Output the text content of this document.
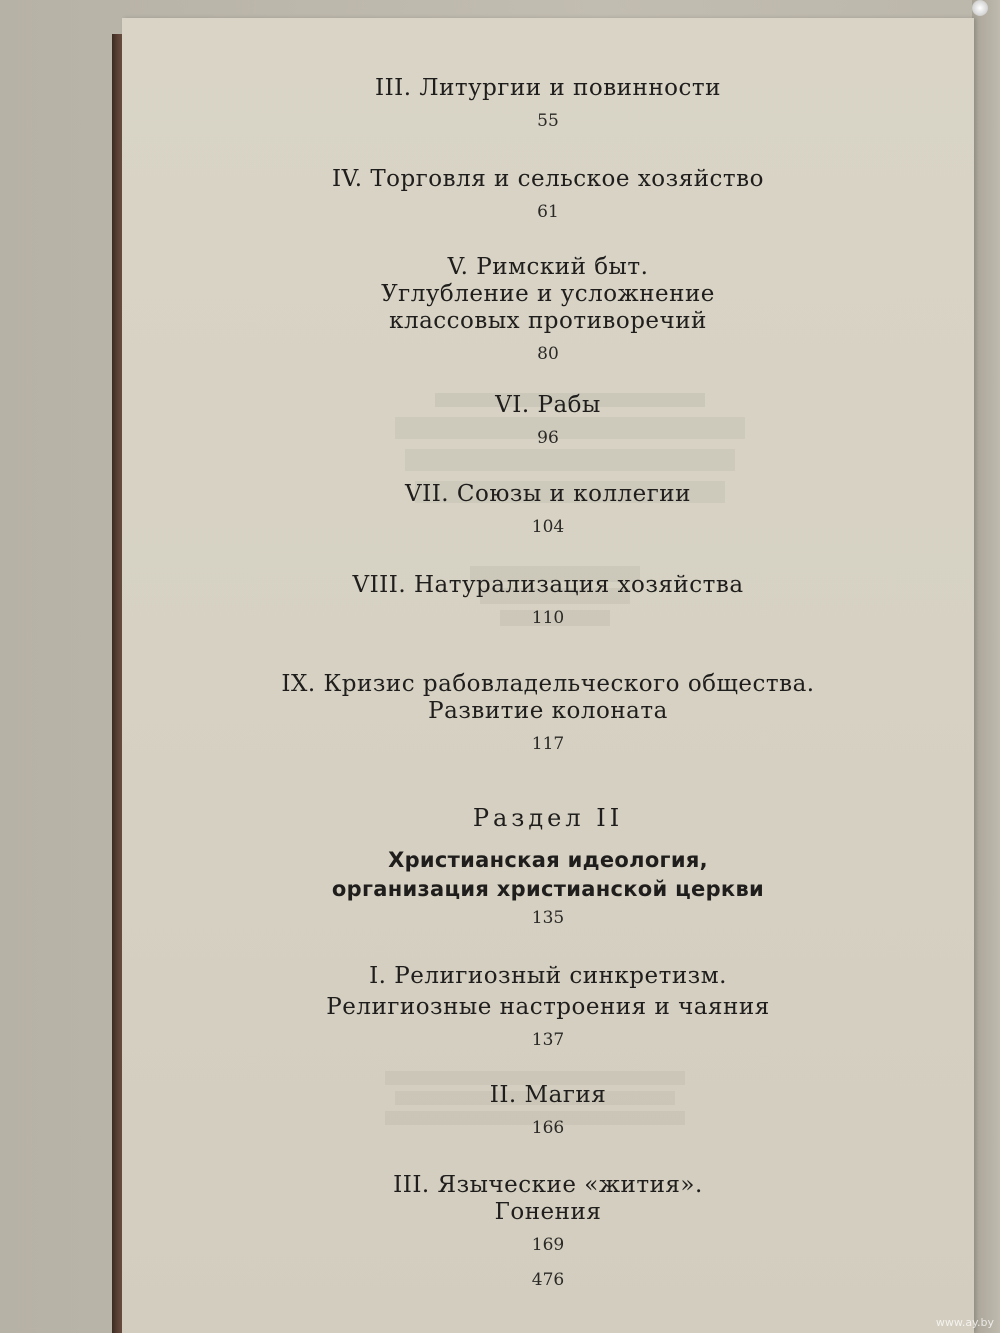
III. Литургии и повинности
55
IV. Торговля и сельское хозяйство
61
V. Римский быт.
Углубление и усложнение
классовых противоречий
80
VI. Рабы
96
VII. Союзы и коллегии
104
VIII. Натурализация хозяйства
110
IX. Кризис рабовладельческого общества.
Развитие колоната
117
Раздел II
Христианская идеология,
организация христианской церкви
135
I. Религиозный синкретизм.
Религиозные настроения и чаяния
137
II. Магия
166
III. Языческие «жития».
Гонения
169
476
www.ay.by
